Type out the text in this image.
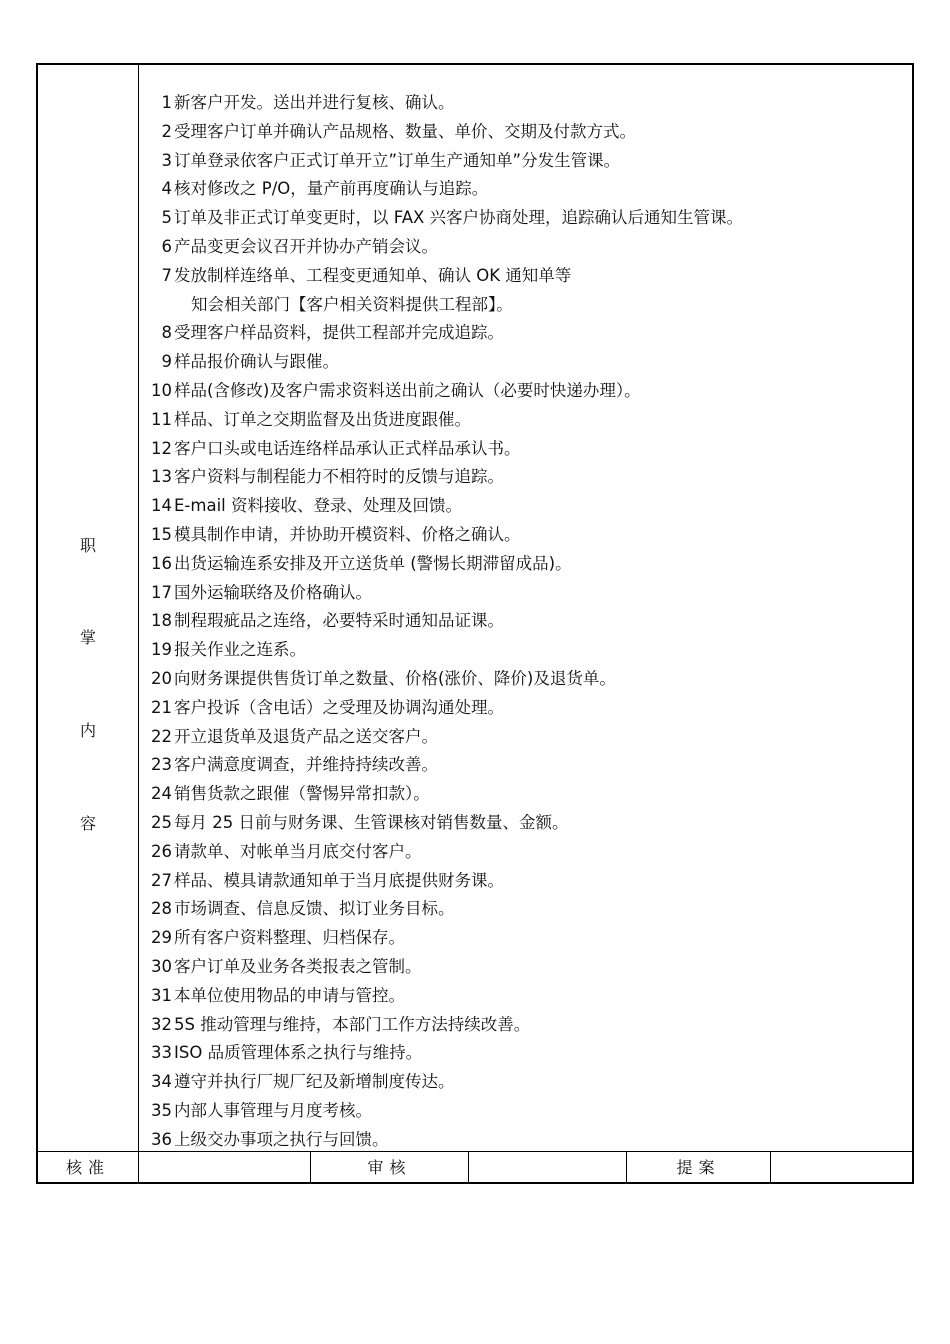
职
掌
内
容
1 新客户开发。送出并进行复核、确认。
2 受理客户订单并确认产品规格、数量、单价、交期及付款方式。
3 订单登录依客户正式订单开立”订单生产通知单”分发生管课。
4 核对修改之 P/O，量产前再度确认与追踪。
5 订单及非正式订单变更时，以 FAX 兴客户协商处理，追踪确认后通知生管课。
6 产品变更会议召开并协办产销会议。
7 发放制样连络单、工程变更通知单、确认 OK 通知单等
知会相关部门【客户相关资料提供工程部】。
8 受理客户样品资料，提供工程部并完成追踪。
9 样品报价确认与跟催。
10 样品(含修改)及客户需求资料送出前之确认（必要时快递办理）。
11 样品、订单之交期监督及出货进度跟催。
12 客户口头或电话连络样品承认正式样品承认书。
13 客户资料与制程能力不相符时的反馈与追踪。
14 E-mail 资料接收、登录、处理及回馈。
15 模具制作申请，并协助开模资料、价格之确认。
16 出货运输连系安排及开立送货单 (警惕长期滞留成品)。
17 国外运输联络及价格确认。
18 制程瑕疵品之连络，必要特采时通知品证课。
19 报关作业之连系。
20 向财务课提供售货订单之数量、价格(涨价、降价)及退货单。
21 客户投诉（含电话）之受理及协调沟通处理。
22 开立退货单及退货产品之送交客户。
23 客户满意度调查，并维持持续改善。
24 销售货款之跟催（警惕异常扣款）。
25 每月 25 日前与财务课、生管课核对销售数量、金额。
26 请款单、对帐单当月底交付客户。
27 样品、模具请款通知单于当月底提供财务课。
28 市场调查、信息反馈、拟订业务目标。
29 所有客户资料整理、归档保存。
30 客户订单及业务各类报表之管制。
31 本单位使用物品的申请与管控。
32 5S 推动管理与维持，本部门工作方法持续改善。
33 ISO 品质管理体系之执行与维持。
34 遵守并执行厂规厂纪及新增制度传达。
35 内部人事管理与月度考核。
36 上级交办事项之执行与回馈。
核准	审核	提案
